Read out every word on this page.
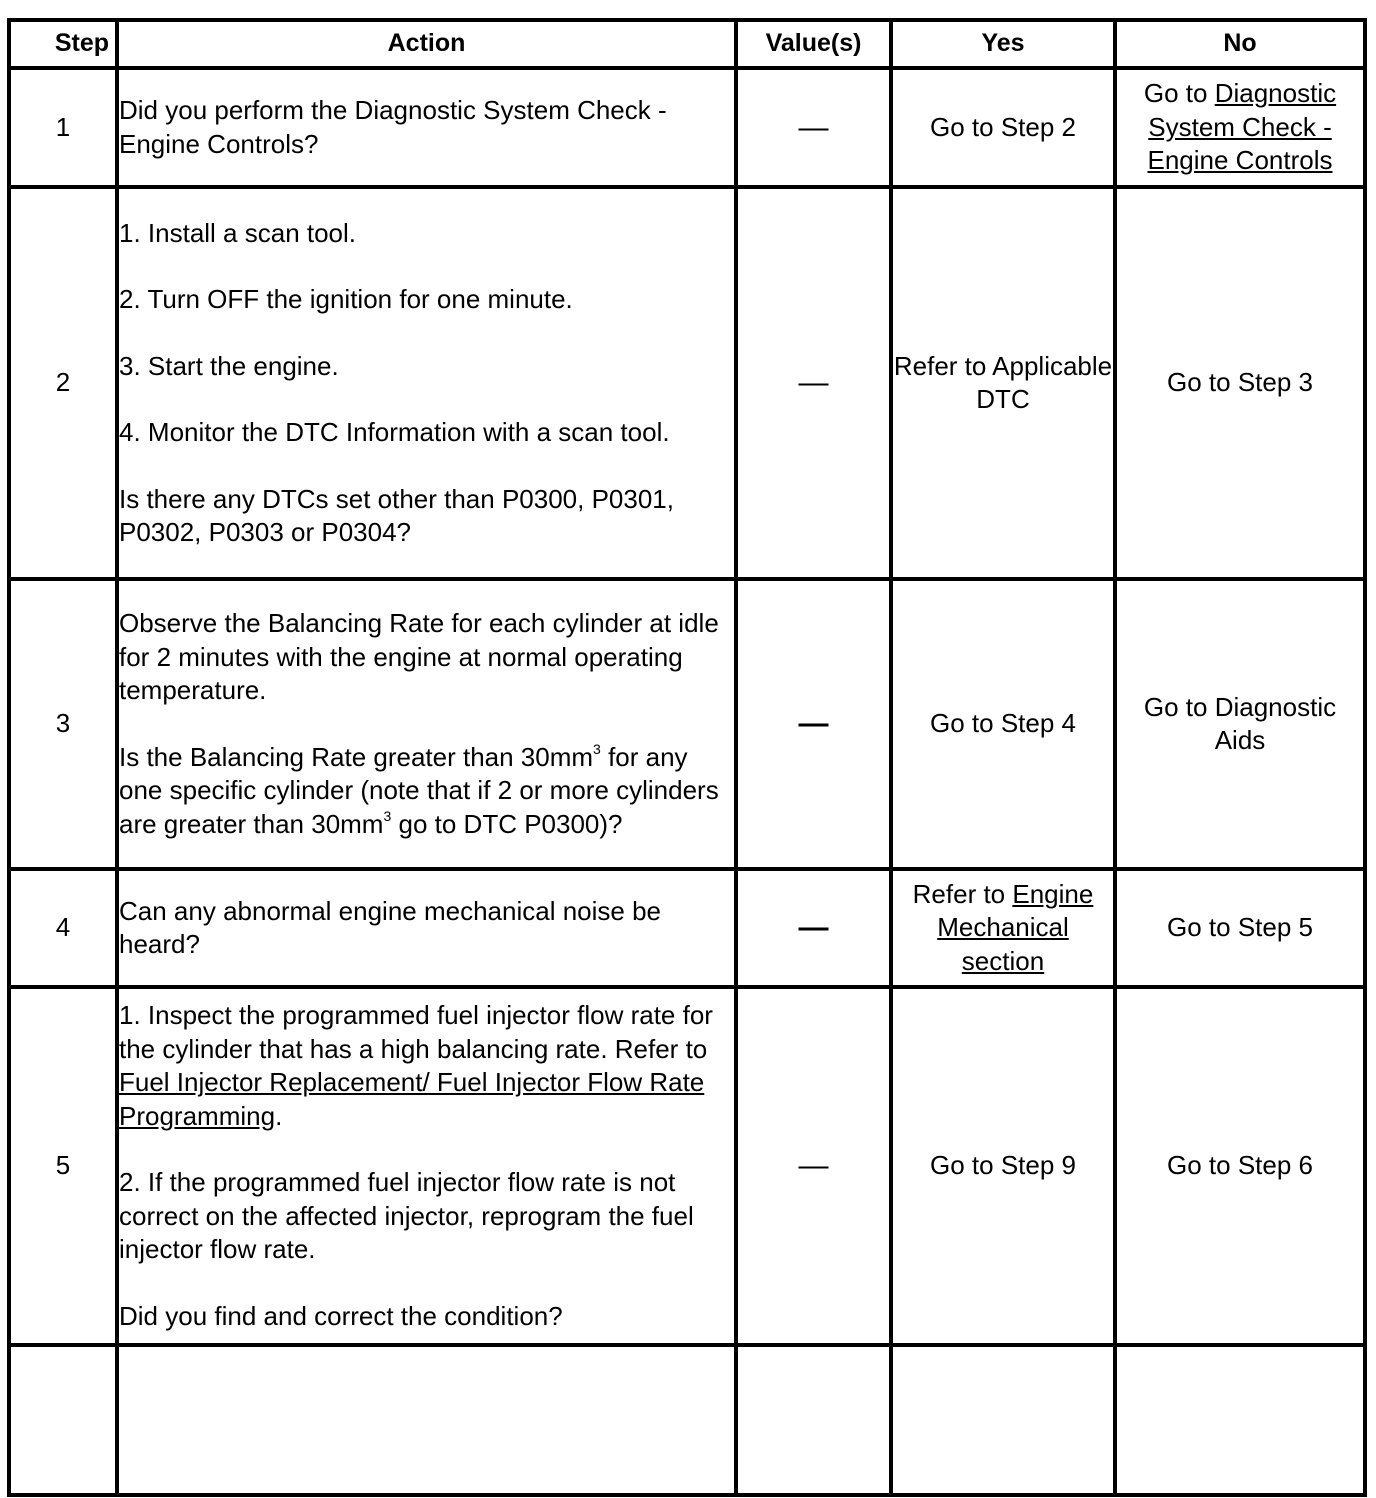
Step	Action	Value(s)	Yes	No
1	Did you perform the Diagnostic System Check - Engine Controls?	—	Go to Step 2	Go to Diagnostic System Check - Engine Controls
2	1. Install a scan tool.
2. Turn OFF the ignition for one minute.
3. Start the engine.
4. Monitor the DTC Information with a scan tool.
Is there any DTCs set other than P0300, P0301, P0302, P0303 or P0304?	—	Refer to Applicable DTC	Go to Step 3
3	Observe the Balancing Rate for each cylinder at idle for 2 minutes with the engine at normal operating temperature.
Is the Balancing Rate greater than $30mm^3$ for any one specific cylinder (note that if 2 or more cylinders are greater than $30mm^3$ go to DTC P0300)?	—	Go to Step 4	Go to Diagnostic Aids
4	Can any abnormal engine mechanical noise be heard?	—	Refer to Engine Mechanical section	Go to Step 5
5	1. Inspect the programmed fuel injector flow rate for the cylinder that has a high balancing rate. Refer to Fuel Injector Replacement/ Fuel Injector Flow Rate Programming.
2. If the programmed fuel injector flow rate is not correct on the affected injector, reprogram the fuel injector flow rate.
Did you find and correct the condition?	—	Go to Step 9	Go to Step 6
